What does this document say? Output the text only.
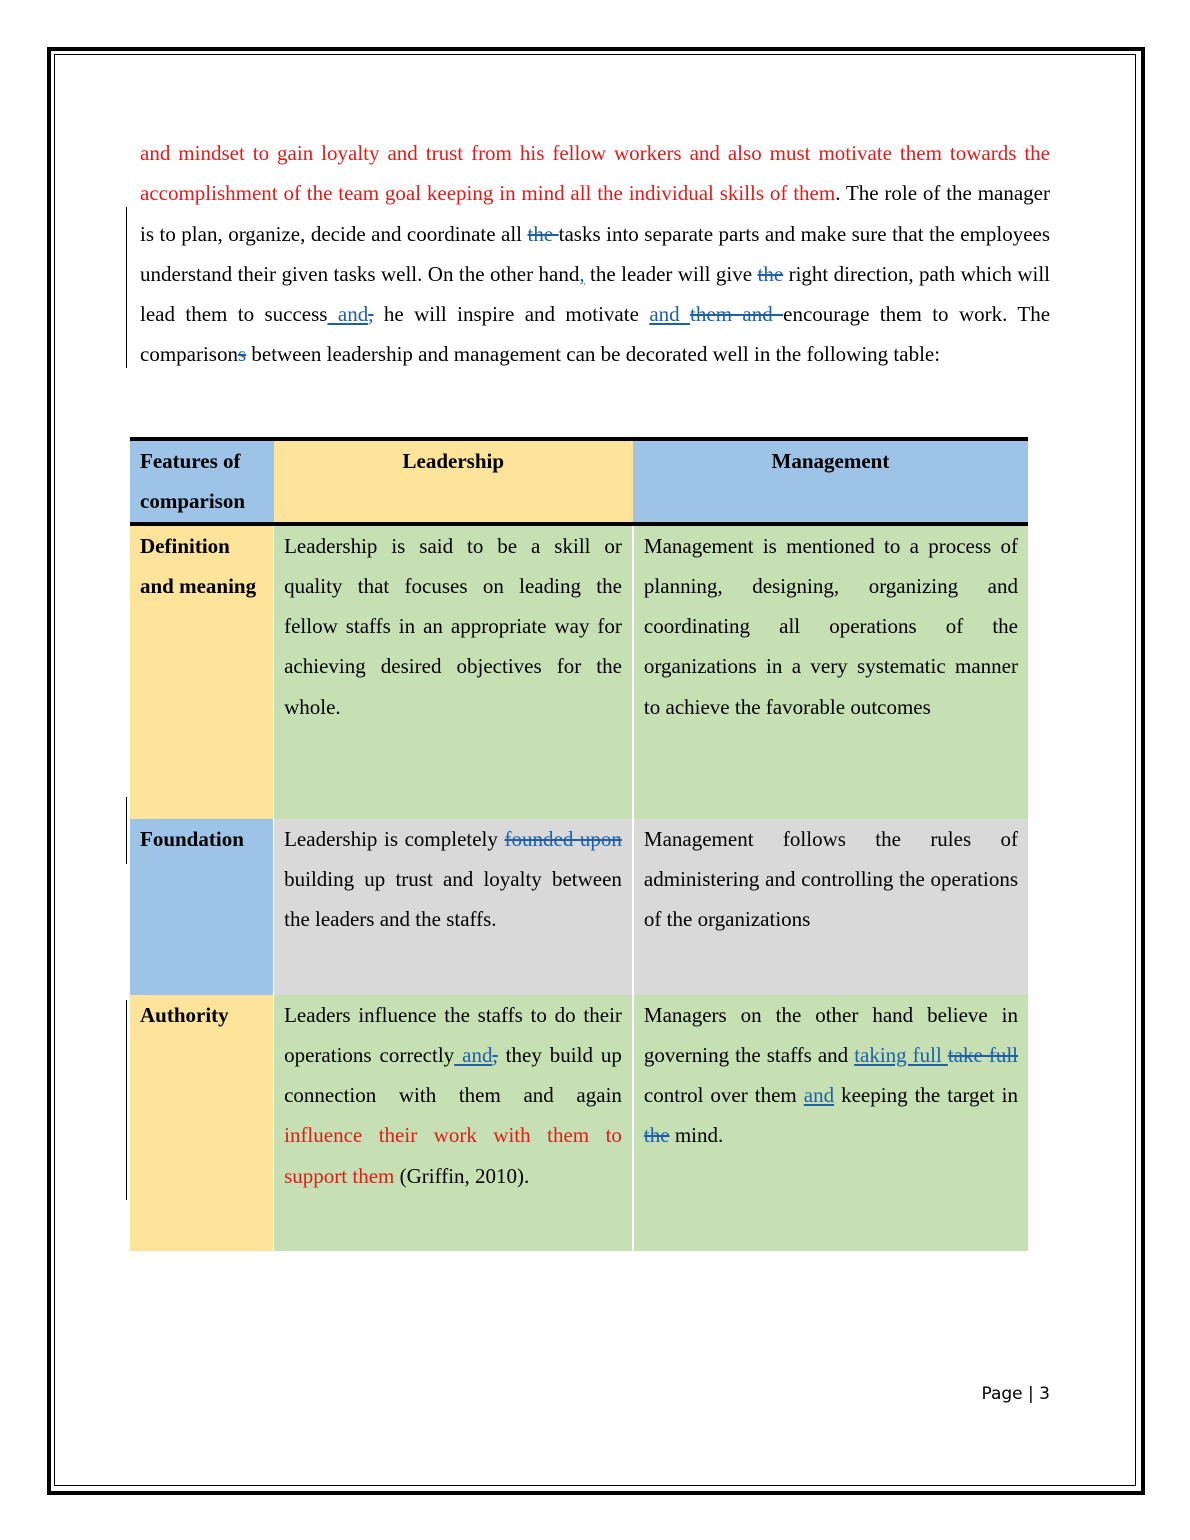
and mindset to gain loyalty and trust from his fellow workers and also must motivate them towards the accomplishment of the team goal keeping in mind all the individual skills of them. The role of the manager is to plan, organize, decide and coordinate all the tasks into separate parts and make sure that the employees understand their given tasks well. On the other hand, the leader will give the right direction, path which will lead them to success and, he will inspire and motivate and them and encourage them to work. The comparisons between leadership and management can be decorated well in the following table:
Features of comparison	Leadership	Management
Definition and meaning	Leadership is said to be a skill or quality that focuses on leading the fellow staffs in an appropriate way for achieving desired objectives for the whole.	Management is mentioned to a process of planning, designing, organizing and coordinating all operations of the organizations in a very systematic manner to achieve the favorable outcomes
Foundation	Leadership is completely founded upon building up trust and loyalty between the leaders and the staffs.	Management follows the rules of administering and controlling the operations of the organizations
Authority	Leaders influence the staffs to do their operations correctly and, they build up connection with them and again influence their work with them to support them (Griffin, 2010).	Managers on the other hand believe in governing the staffs and taking full take full control over them and keeping the target in the mind.
Page | 3
